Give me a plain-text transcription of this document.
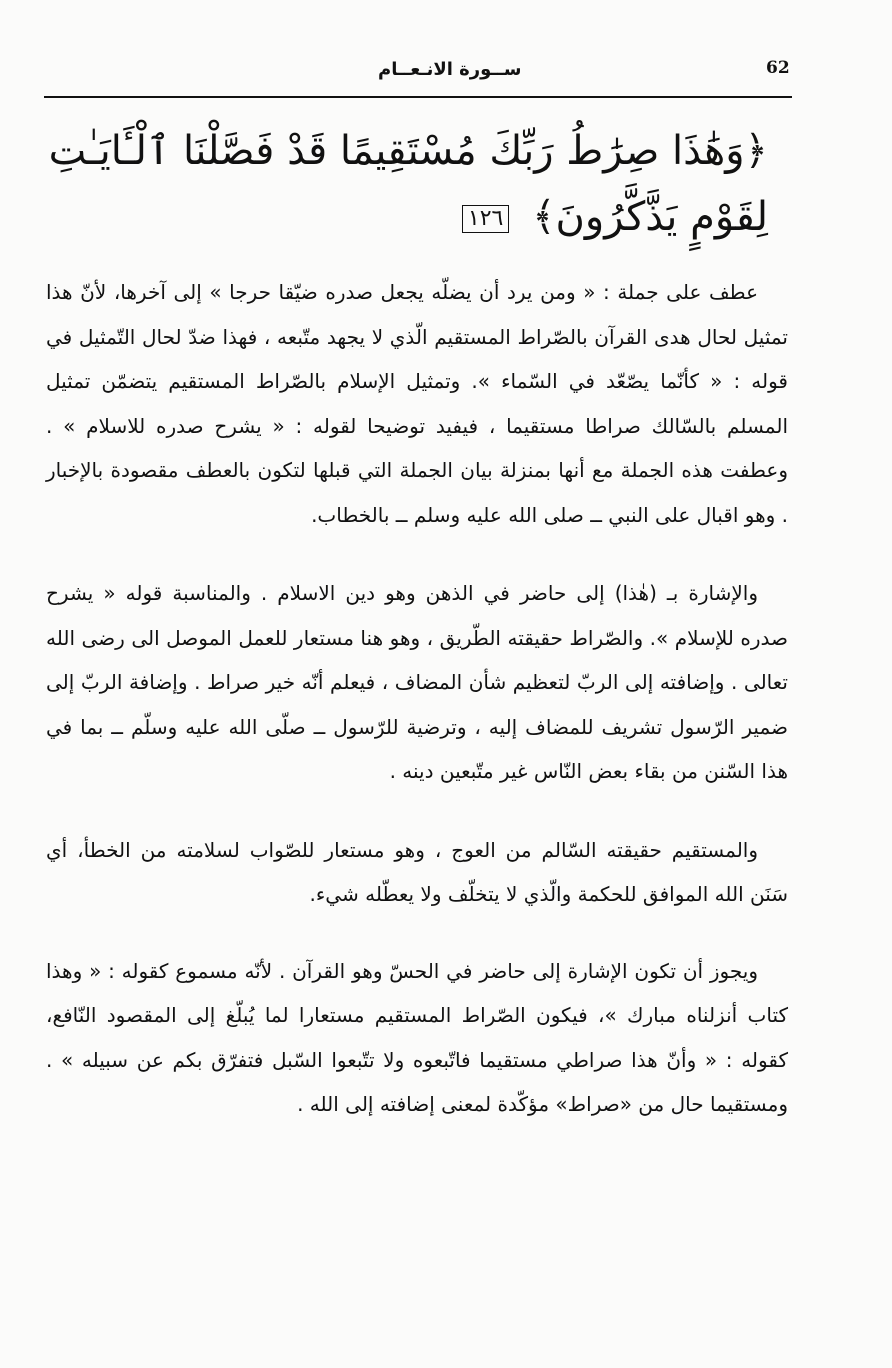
62
ســورة الانـعــام
﴿وَهَٰذَا صِرَٰطُ رَبِّكَ مُسْتَقِيمًا قَدْ فَصَّلْنَا ٱلْـَٔايَـٰتِ لِقَوْمٍ يَذَّكَّرُونَ﴾ ١٢٦

عطف على جملة : « ومن يرد أن يضلّه يجعل صدره ضيّقا حرجا » إلى آخرها، لأنّ هذا تمثيل لحال هدى القرآن بالصّراط المستقيم الّذي لا يجهد متّبعه ، فهذا ضدّ لحال التّمثيل في قوله : « كأنّما يصّعّد في السّماء ». وتمثيل الإسلام بالصّراط المستقيم يتضمّن تمثيل المسلم بالسّالك صراطا مستقيما ، فيفيد توضيحا لقوله : « يشرح صدره للاسلام » . وعطفت هذه الجملة مع أنها بمنزلة بيان الجملة التي قبلها لتكون بالعطف مقصودة بالإخبار . وهو اقبال على النبي ــ صلى الله عليه وسلم ــ بالخطاب.

والإشارة بـ (هٰذا) إلى حاضر في الذهن وهو دين الاسلام . والمناسبة قوله « يشرح صدره للإسلام ». والصّراط حقيقته الطّريق ، وهو هنا مستعار للعمل الموصل الى رضى الله تعالى . وإضافته إلى الربّ لتعظيم شأن المضاف ، فيعلم أنّه خير صراط . وإضافة الربّ إلى ضمير الرّسول تشريف للمضاف إليه ، وترضية للرّسول ــ صلّى الله عليه وسلّم ــ بما في هذا السّنن من بقاء بعض النّاس غير متّبعين دينه .

والمستقيم حقيقته السّالم من العوج ، وهو مستعار للصّواب لسلامته من الخطأ، أي سَنَن الله الموافق للحكمة والّذي لا يتخلّف ولا يعطّله شيء.

ويجوز أن تكون الإشارة إلى حاضر في الحسّ وهو القرآن . لأنّه مسموع كقوله : « وهذا كتاب أنزلناه مبارك »، فيكون الصّراط المستقيم مستعارا لما يُبلّغ إلى المقصود النّافع، كقوله : « وأنّ هذا صراطي مستقيما فاتّبعوه ولا تتّبعوا السّبل فتفرّق بكم عن سبيله » . ومستقيما حال من «صراط» مؤكّدة لمعنى إضافته إلى الله .
